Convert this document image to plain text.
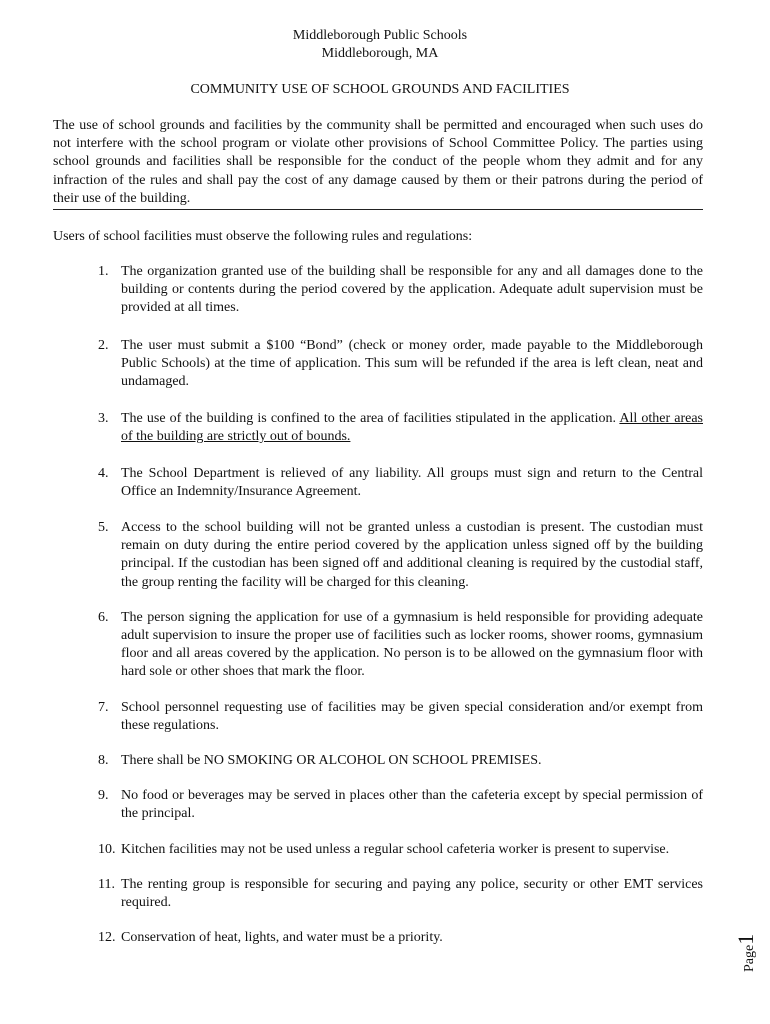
Middleborough Public Schools
Middleborough, MA
COMMUNITY USE OF SCHOOL GROUNDS AND FACILITIES
The use of school grounds and facilities by the community shall be permitted and encouraged when such uses do not interfere with the school program or violate other provisions of School Committee Policy. The parties using school grounds and facilities shall be responsible for the conduct of the people whom they admit and for any infraction of the rules and shall pay the cost of any damage caused by them or their patrons during the period of their use of the building.
Users of school facilities must observe the following rules and regulations:
1. The organization granted use of the building shall be responsible for any and all damages done to the building or contents during the period covered by the application. Adequate adult supervision must be provided at all times.
2. The user must submit a $100 “Bond” (check or money order, made payable to the Middleborough Public Schools) at the time of application. This sum will be refunded if the area is left clean, neat and undamaged.
3. The use of the building is confined to the area of facilities stipulated in the application. All other areas of the building are strictly out of bounds.
4. The School Department is relieved of any liability. All groups must sign and return to the Central Office an Indemnity/Insurance Agreement.
5. Access to the school building will not be granted unless a custodian is present. The custodian must remain on duty during the entire period covered by the application unless signed off by the building principal. If the custodian has been signed off and additional cleaning is required by the custodial staff, the group renting the facility will be charged for this cleaning.
6. The person signing the application for use of a gymnasium is held responsible for providing adequate adult supervision to insure the proper use of facilities such as locker rooms, shower rooms, gymnasium floor and all areas covered by the application. No person is to be allowed on the gymnasium floor with hard sole or other shoes that mark the floor.
7. School personnel requesting use of facilities may be given special consideration and/or exempt from these regulations.
8. There shall be NO SMOKING OR ALCOHOL ON SCHOOL PREMISES.
9. No food or beverages may be served in places other than the cafeteria except by special permission of the principal.
10. Kitchen facilities may not be used unless a regular school cafeteria worker is present to supervise.
11. The renting group is responsible for securing and paying any police, security or other EMT services required.
12. Conservation of heat, lights, and water must be a priority.
Page1
